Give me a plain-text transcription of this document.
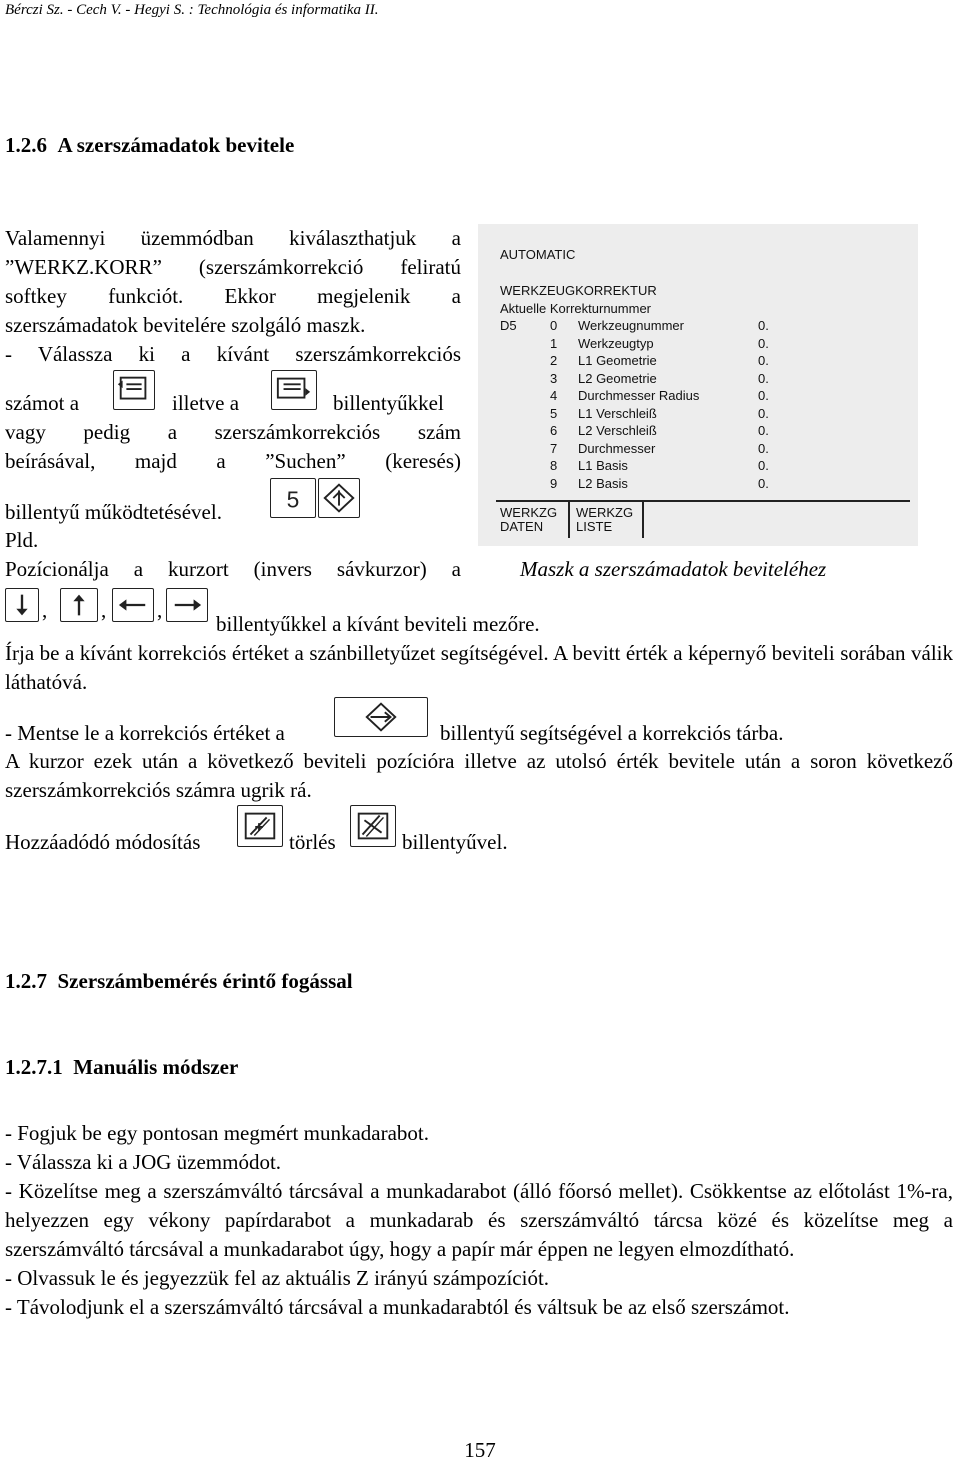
Bérczi Sz. - Cech V. - Hegyi S. : Technológia és informatika II.
1.2.6 A szerszámadatok bevitele
Valamennyi üzemmódban kiválaszthatjuk a
”WERKZ.KORR” (szerszámkorrekció feliratú
softkey funkciót. Ekkor megjelenik a
szerszámadatok bevitelére szolgáló maszk.
- Válassza ki a kívánt szerszámkorrekciós
számot a	illetve a	billentyűkkel
vagy pedig a szerszámkorrekciós szám
beírásával, majd a ”Suchen” (keresés)
billentyű működtetésével.	5
Pld.
Pozícionálja a kurzort (invers sávkurzor) a
,	, ,
billentyűkkel a kívánt beviteli mezőre.
Írja be a kívánt korrekciós értéket a szánbilletyűzet segítségével. A bevitt érték a képernyő beviteli sorában válik láthatóvá.
- Mentse le a korrekciós értéket a	billentyű segítségével a korrekciós tárba.
A kurzor ezek után a következő beviteli pozícióra illetve az utolsó érték bevitele után a soron következő szerszámkorrekciós számra ugrik rá.
Hozzáadódó módosítás	törlés	billentyűvel.
AUTOMATIC
WERKZEUGKORREKTUR
Aktuelle Korrekturnummer
D5	0 Werkzeugnummer	0.
1 Werkzeugtyp	0.
2 L1 Geometrie	0.
3 L2 Geometrie	0.
4 Durchmesser Radius	0.
5 L1 Verschleiß	0.
6 L2 Verschleiß	0.
7 Durchmesser	0.
8 L1 Basis	0.
9 L2 Basis	0.
WERKZG
DATEN
WERKZG
LISTE
Maszk a szerszámadatok beviteléhez
1.2.7 Szerszámbemérés érintő fogással
1.2.7.1 Manuális módszer
- Fogjuk be egy pontosan megmért munkadarabot.
- Válassza ki a JOG üzemmódot.
- Közelítse meg a szerszámváltó tárcsával a munkadarabot (álló főorsó mellet). Csökkentse az előtolást 1%-ra, helyezzen egy vékony papírdarabot a munkadarab és szerszámváltó tárcsa közé és közelítse meg a szerszámváltó tárcsával a munkadarabot úgy, hogy a papír már éppen ne legyen elmozdítható.
- Olvassuk le és jegyezzük fel az aktuális Z irányú számpozíciót.
- Távolodjunk el a szerszámváltó tárcsával a munkadarabtól és váltsuk be az első szerszámot.
157
